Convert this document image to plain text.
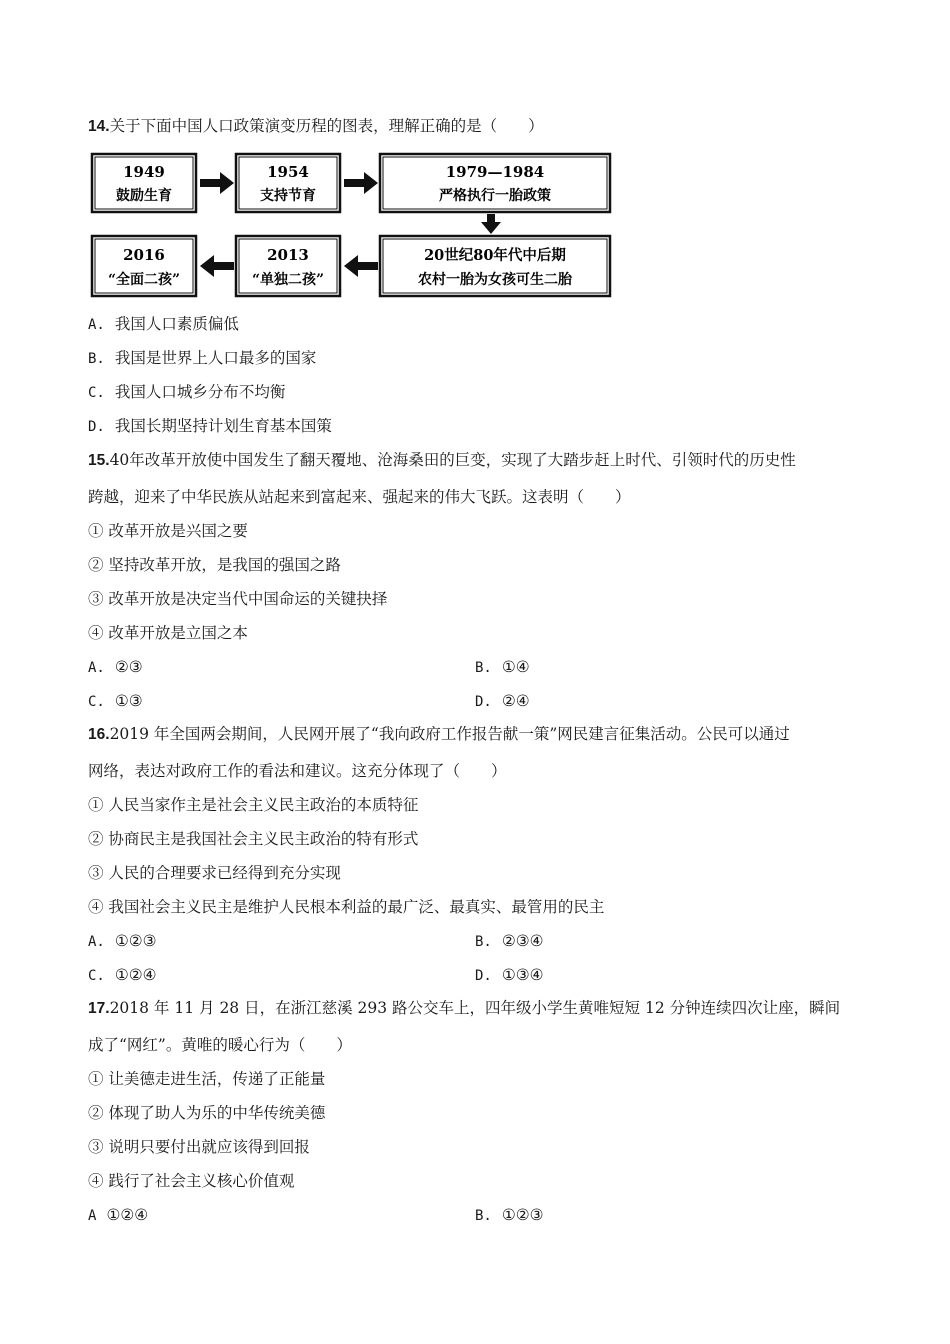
14.关于下面中国人口政策演变历程的图表，理解正确的是（　　）
1949
鼓励生育
1954
支持节育
1979—1984
严格执行一胎政策
20世纪80年代中后期
农村一胎为女孩可生二胎
2013
“单独二孩”
2016
“全面二孩”
A. 我国人口素质偏低
B. 我国是世界上人口最多的国家
C. 我国人口城乡分布不均衡
D. 我国长期坚持计划生育基本国策
15.40年改革开放使中国发生了翻天覆地、沧海桑田的巨变，实现了大踏步赶上时代、引领时代的历史性
跨越，迎来了中华民族从站起来到富起来、强起来的伟大飞跃。这表明（　　）
① 改革开放是兴国之要
② 坚持改革开放，是我国的强国之路
③ 改革开放是决定当代中国命运的关键抉择
④ 改革开放是立国之本
A. ②③	B. ①④
C. ①③	D. ②④
16.2019 年全国两会期间，人民网开展了“我向政府工作报告献一策”网民建言征集活动。公民可以通过
网络，表达对政府工作的看法和建议。这充分体现了（　　）
① 人民当家作主是社会主义民主政治的本质特征
② 协商民主是我国社会主义民主政治的特有形式
③ 人民的合理要求已经得到充分实现
④ 我国社会主义民主是维护人民根本利益的最广泛、最真实、最管用的民主
A. ①②③	B. ②③④
C. ①②④	D. ①③④
17.2018 年 11 月 28 日，在浙江慈溪 293 路公交车上，四年级小学生黄唯短短 12 分钟连续四次让座，瞬间
成了“网红”。黄唯的暖心行为（　　）
① 让美德走进生活，传递了正能量
② 体现了助人为乐的中华传统美德
③ 说明只要付出就应该得到回报
④ 践行了社会主义核心价值观
A ①②④	B. ①②③
